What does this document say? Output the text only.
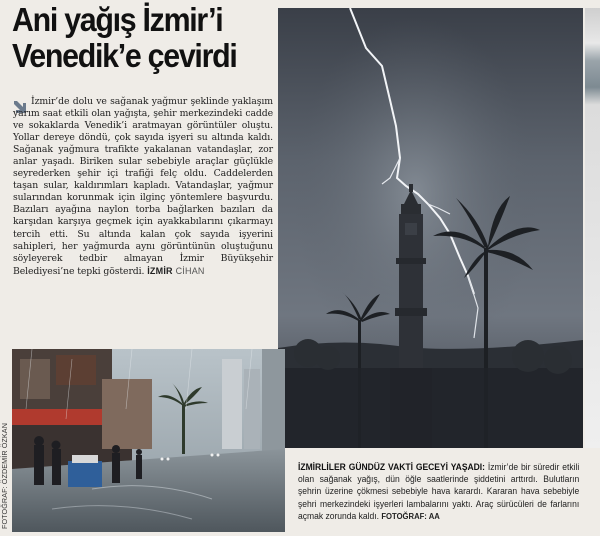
Ani yağış İzmir’i
Venedik’e çevirdi
İzmir’de dolu ve sağanak yağmur şeklinde yaklaşım yarım saat etkili olan yağışta, şehir merkezindeki cadde ve sokaklarda Venedik’i aratmayan görüntüler oluştu. Yollar dereye döndü, çok sayıda işyeri su altında kaldı. Sağanak yağmura trafikte yakalanan vatandaşlar, zor anlar yaşadı. Biriken sular sebebiyle araçlar güçlükle seyrederken şehir içi trafiği felç oldu. Caddelerden taşan sular, kaldırımları kapladı. Vatandaşlar, yağmur sularından korunmak için ilginç yöntemlere başvurdu. Bazıları ayağına naylon torba bağlarken bazıları da karşıdan karşıya geçmek için ayakkabılarını çıkarmayı tercih etti. Su altında kalan çok sayıda işyerini sahipleri, her yağmurda aynı görüntünün oluştuğunu söyleyerek tedbir almayan İzmir Büyükşehir Belediyesi’ne tepki gösterdi. İZMİR CİHAN
FOTOĞRAF: ÖZDEMİR ÖZKAN	İZMİRLİLER GÜNDÜZ VAKTİ GECEYİ YAŞADI: İzmir’de bir süredir etkili olan sağanak yağış, dün öğle saatlerinde şiddetini arttırdı. Bulutların şehrin üzerine çökmesi sebebiyle hava karardı. Kararan hava sebebiyle şehri merkezindeki işyerleri lambalarını yaktı. Araç sürücüleri de farlarını açmak zorunda kaldı. FOTOĞRAF: AA
